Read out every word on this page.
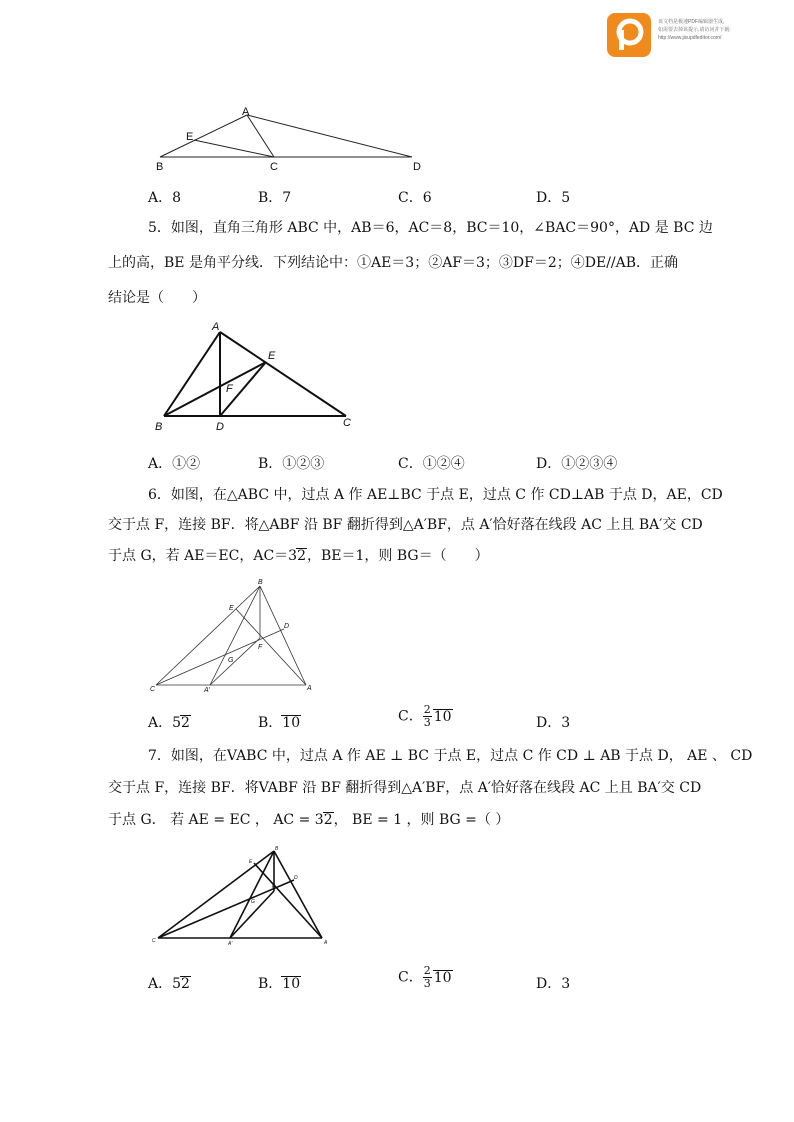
该文档是极速PDF编辑器生成,
如需要去掉该提示,请访问并下载:
http://www.jisupdfeditor.com/
A
E
B	C	D
A．8	B．7	C．6	D．5
5．如图，直角三角形 ABC 中，AB＝6，AC＝8，BC＝10，∠BAC＝90°，AD 是 BC 边
上的高，BE 是角平分线．下列结论中：①AE＝3；②AF＝3；③DF＝2；④DE//AB．正确
结论是（　　）
A
E
F
B	D	C
A．①②	B．①②③	C．①②④	D．①②③④
6．如图，在△ABC 中，过点 A 作 AE⊥BC 于点 E，过点 C 作 CD⊥AB 于点 D，AE，CD
交于点 F，连接 BF．将△ABF 沿 BF 翻折得到△A′BF，点 A′恰好落在线段 AC 上且 BA′交 CD
于点 G，若 AE＝EC，AC＝32，BE＝1，则 BG＝（　　）
B
E
D
F
G
C	A′	A
A．52	B．10	C． $\frac{2}{3} 10$	D．3
7．如图，在VABC 中，过点 A 作 AE ⊥ BC 于点 E，过点 C 作 CD ⊥ AB 于点 D， AE 、 CD
交于点 F，连接 BF．将VABF 沿 BF 翻折得到△A′BF，点 A′恰好落在线段 AC 上且 BA′交 CD
于点 G． 若 AE = EC ， AC = 32， BE = 1 ，则 BG =（ ）
B
E
D
F
G
C	A′	A
A．52	B．10	C． $\frac{2}{3} 10$	D．3
